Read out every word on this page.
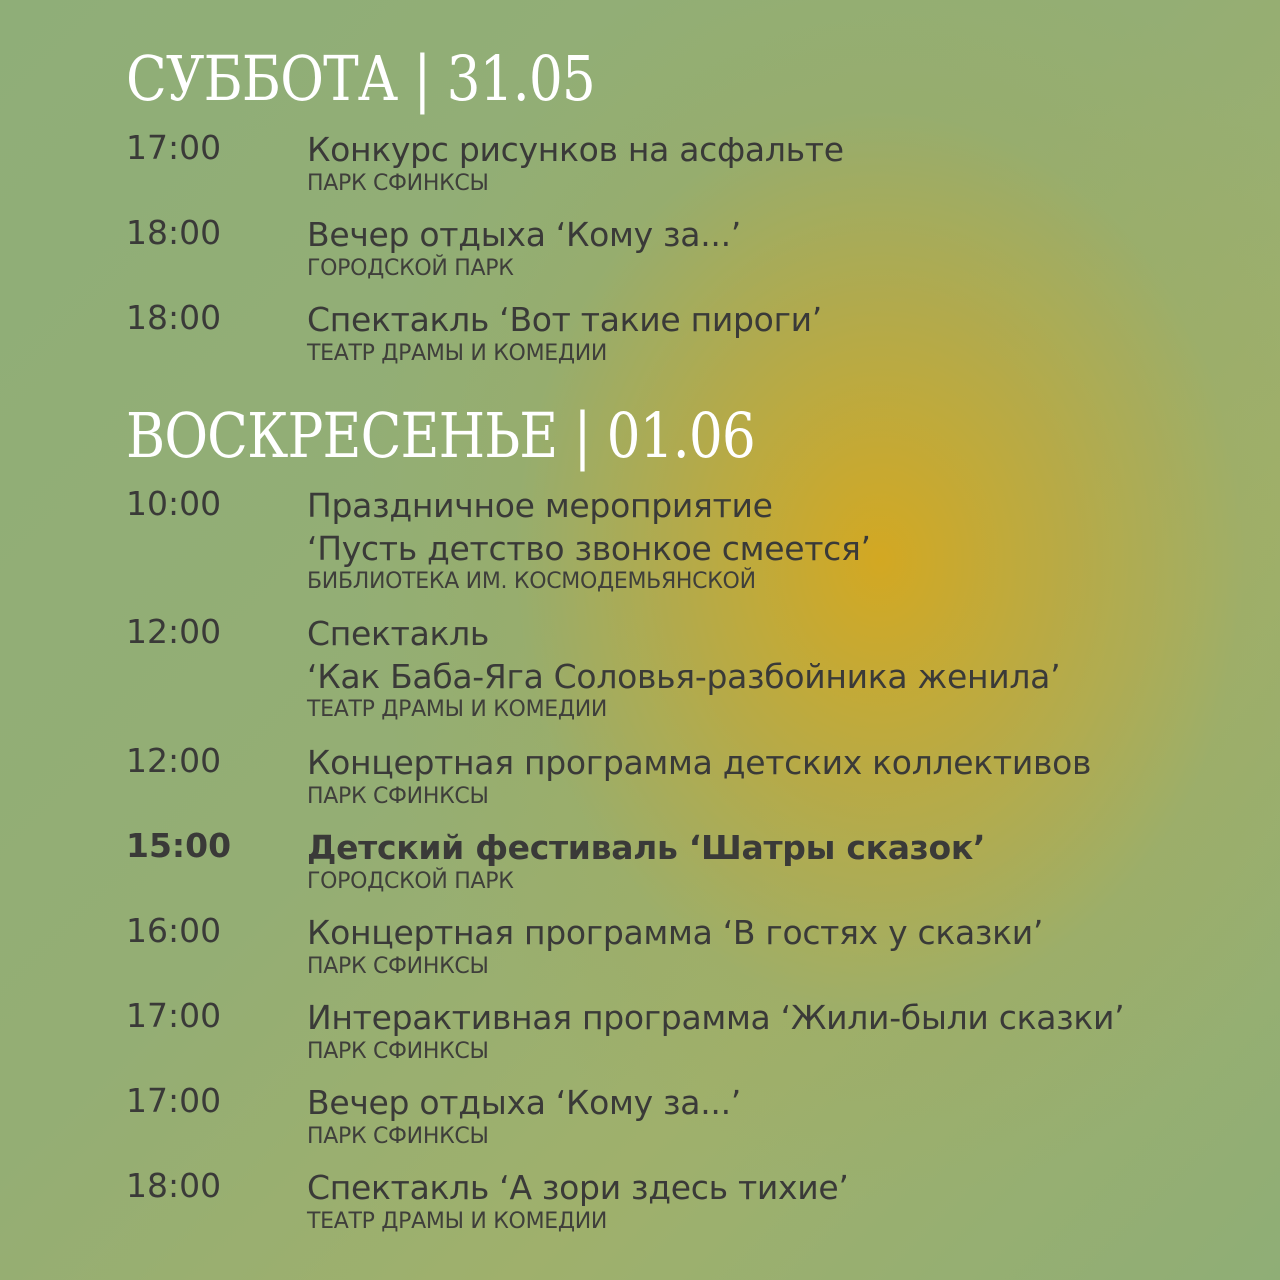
СУББОТА | 31.05
17:00	Конкурс рисунков на асфальте
ПАРК СФИНКСЫ
18:00	Вечер отдыха ‘Кому за...’
ГОРОДСКОЙ ПАРК
18:00	Спектакль ‘Вот такие пироги’
ТЕАТР ДРАМЫ И КОМЕДИИ
ВОСКРЕСЕНЬЕ | 01.06
10:00	Праздничное мероприятие
‘Пусть детство звонкое смеется’
БИБЛИОТЕКА ИМ. КОСМОДЕМЬЯНСКОЙ
12:00	Спектакль
‘Как Баба-Яга Соловья-разбойника женила’
ТЕАТР ДРАМЫ И КОМЕДИИ
12:00	Концертная программа детских коллективов
ПАРК СФИНКСЫ
15:00 Детский фестиваль ‘Шатры сказок’
ГОРОДСКОЙ ПАРК
16:00	Концертная программа ‘В гостях у сказки’
ПАРК СФИНКСЫ
17:00	Интерактивная программа ‘Жили-были сказки’
ПАРК СФИНКСЫ
17:00	Вечер отдыха ‘Кому за...’
ПАРК СФИНКСЫ
18:00	Спектакль ‘А зори здесь тихие’
ТЕАТР ДРАМЫ И КОМЕДИИ
